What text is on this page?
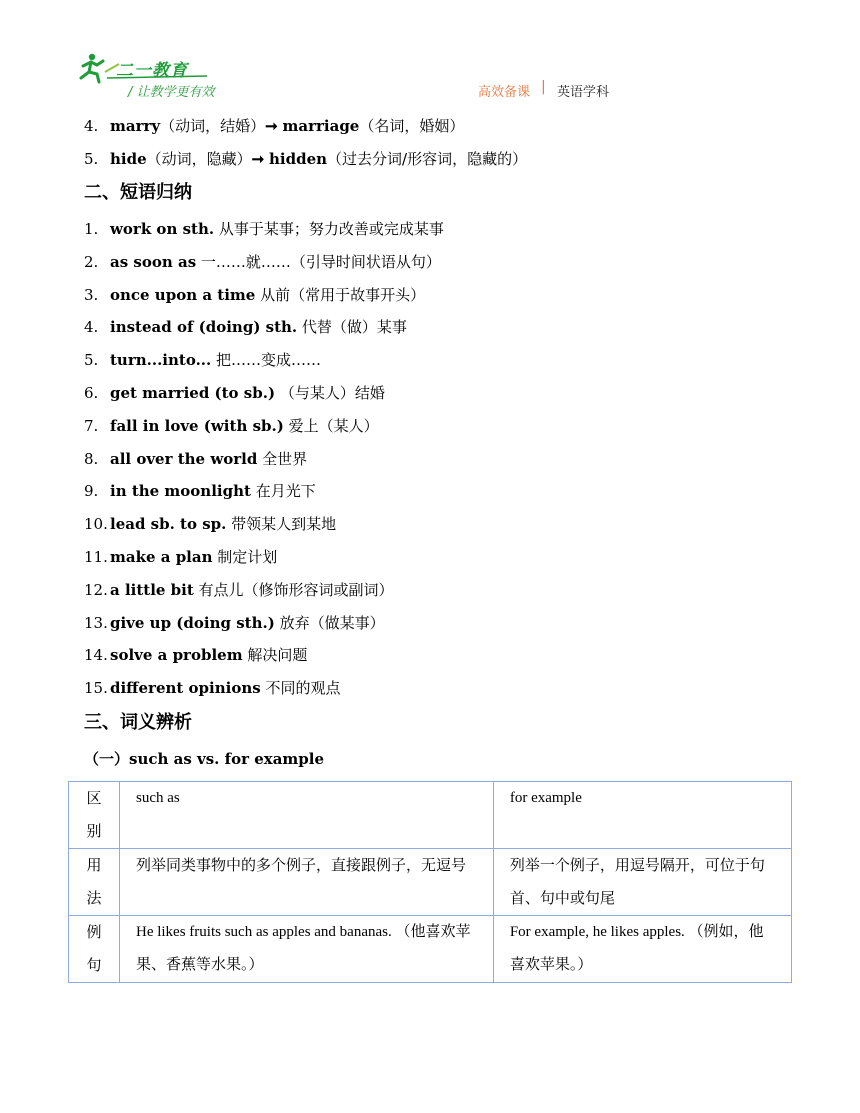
二一教育
/ 让教学更有效	高效备课 | 英语学科
4. marry（动词，结婚）➞ marriage（名词，婚姻）
5. hide（动词，隐藏）➞ hidden（过去分词/形容词，隐藏的）
二、短语归纳
1. work on sth. 从事于某事；努力改善或完成某事
2. as soon as 一……就……（引导时间状语从句）
3. once upon a time 从前（常用于故事开头）
4. instead of (doing) sth. 代替（做）某事
5. turn...into... 把……变成……
6. get married (to sb.) （与某人）结婚
7. fall in love (with sb.) 爱上（某人）
8. all over the world 全世界
9. in the moonlight 在月光下
10. lead sb. to sp. 带领某人到某地
11. make a plan 制定计划
12. a little bit 有点儿（修饰形容词或副词）
13. give up (doing sth.) 放弃（做某事）
14. solve a problem 解决问题
15. different opinions 不同的观点
三、词义辨析
（一）such as vs. for example
区
别	such as	for example

用
法	列举同类事物中的多个例子，直接跟例子，无逗号	列举一个例子，用逗号隔开，可位于句首、句中或句尾

例
句	He likes fruits such as apples and bananas. （他喜欢苹果、香蕉等水果。）	For example, he likes apples. （例如，他喜欢苹果。）
